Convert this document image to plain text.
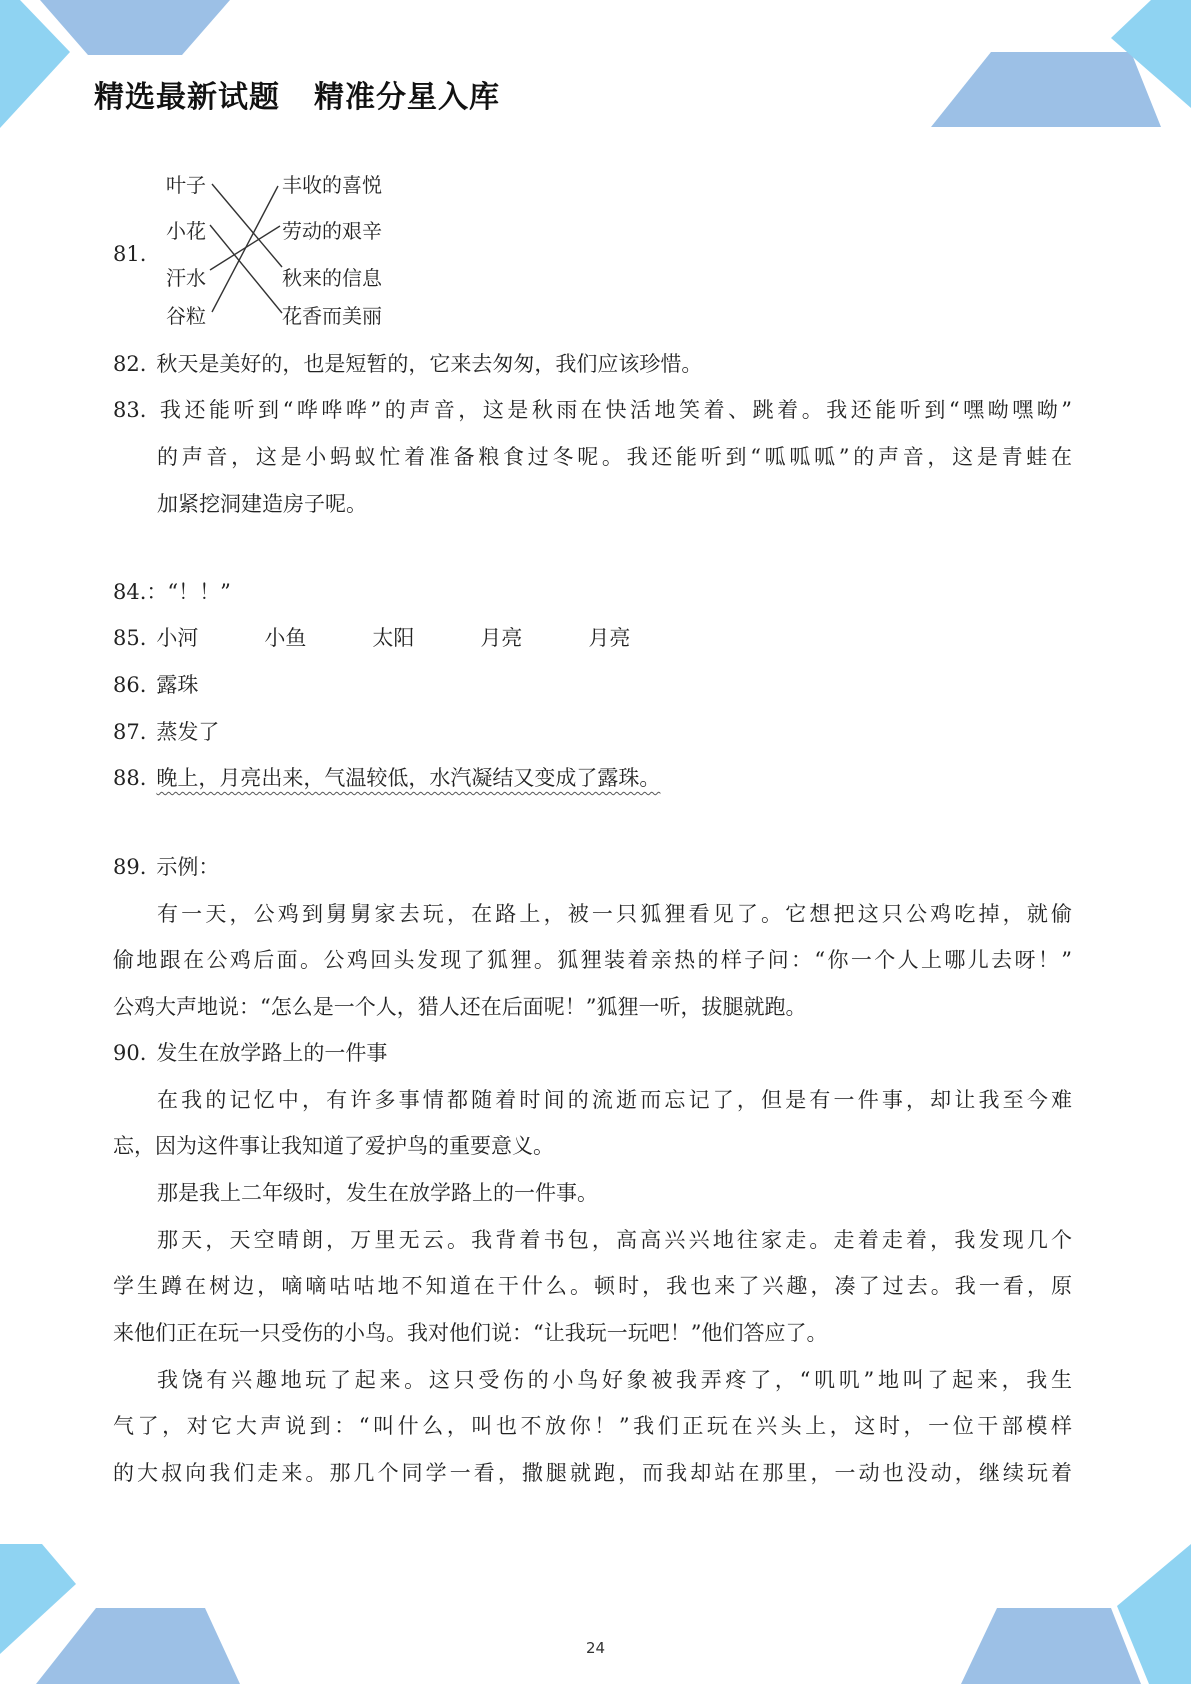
精选最新试题 精准分星入库
81.
叶子
小花
汗水
谷粒
丰收的喜悦
劳动的艰辛
秋来的信息
花香而美丽
82. 秋天是美好的，也是短暂的，它来去匆匆，我们应该珍惜。
83. 我还能听到“哗哗哗”的声音，这是秋雨在快活地笑着、跳着。我还能听到“嘿呦嘿呦”
的声音，这是小蚂蚁忙着准备粮食过冬呢。我还能听到“呱呱呱”的声音，这是青蛙在
加紧挖洞建造房子呢。
84.：“！！”
85. 小河	小鱼	太阳	月亮	月亮
86. 露珠
87. 蒸发了
88. 晚上，月亮出来，气温较低，水汽凝结又变成了露珠。
89. 示例：
有一天，公鸡到舅舅家去玩，在路上，被一只狐狸看见了。它想把这只公鸡吃掉，就偷
偷地跟在公鸡后面。公鸡回头发现了狐狸。狐狸装着亲热的样子问：“你一个人上哪儿去呀！”
公鸡大声地说：“怎么是一个人，猎人还在后面呢！”狐狸一听，拔腿就跑。
90. 发生在放学路上的一件事
在我的记忆中，有许多事情都随着时间的流逝而忘记了，但是有一件事，却让我至今难
忘，因为这件事让我知道了爱护鸟的重要意义。
那是我上二年级时，发生在放学路上的一件事。
那天，天空晴朗，万里无云。我背着书包，高高兴兴地往家走。走着走着，我发现几个
学生蹲在树边，嘀嘀咕咕地不知道在干什么。顿时，我也来了兴趣，凑了过去。我一看，原
来他们正在玩一只受伤的小鸟。我对他们说：“让我玩一玩吧！”他们答应了。
我饶有兴趣地玩了起来。这只受伤的小鸟好象被我弄疼了，“叽叽”地叫了起来，我生
气了，对它大声说到：“叫什么，叫也不放你！”我们正玩在兴头上，这时，一位干部模样
的大叔向我们走来。那几个同学一看，撒腿就跑，而我却站在那里，一动也没动，继续玩着
24
